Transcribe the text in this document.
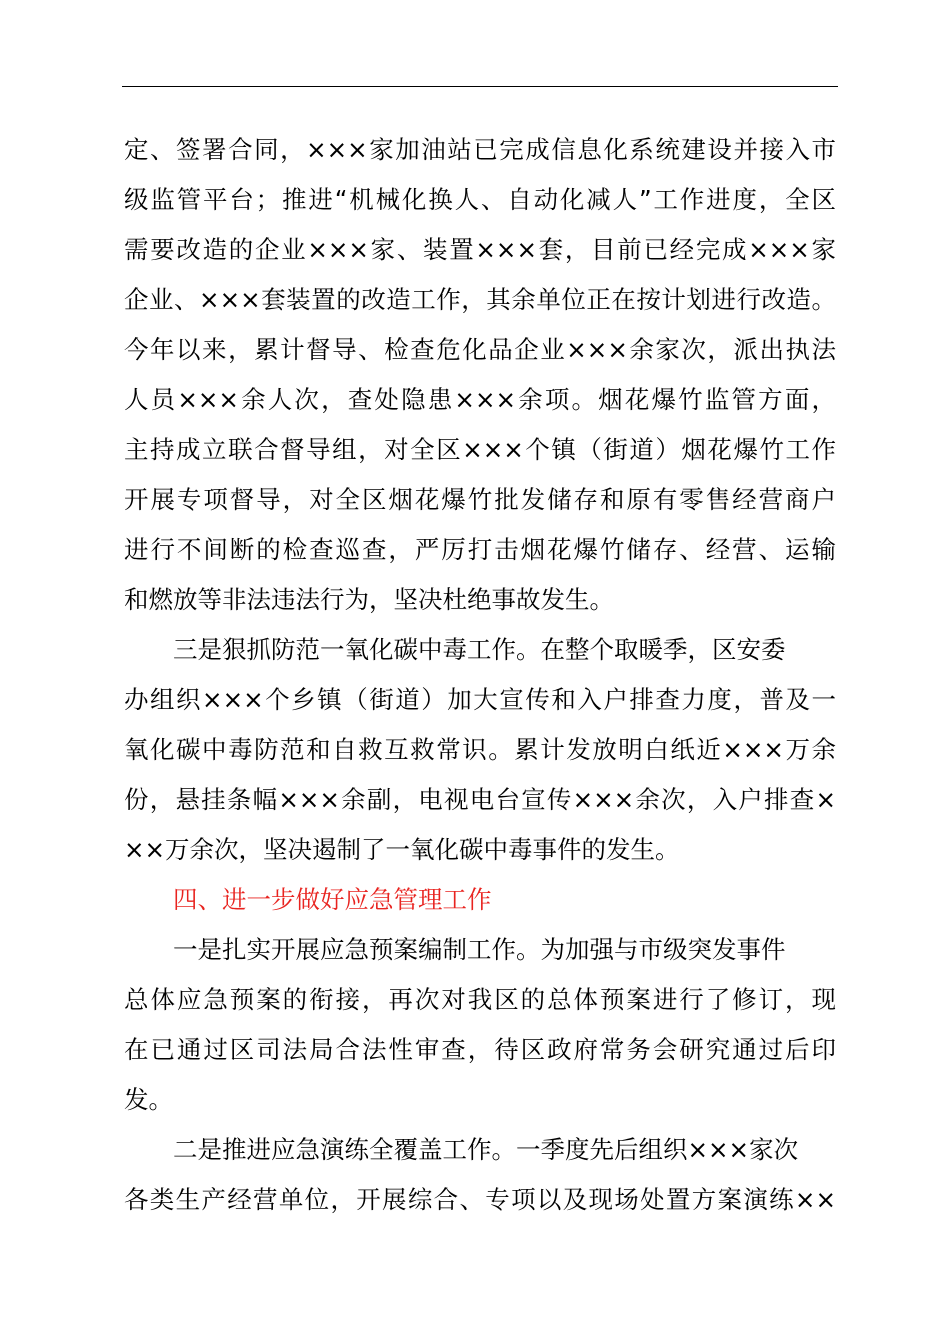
定、签署合同，×××家加油站已完成信息化系统建设并接入市
级监管平台；推进“机械化换人、自动化减人”工作进度，全区
需要改造的企业×××家、装置×××套，目前已经完成×××家
企业、×××套装置的改造工作，其余单位正在按计划进行改造。
今年以来，累计督导、检查危化品企业×××余家次，派出执法
人员×××余人次，查处隐患×××余项。烟花爆竹监管方面，
主持成立联合督导组，对全区×××个镇（街道）烟花爆竹工作
开展专项督导，对全区烟花爆竹批发储存和原有零售经营商户
进行不间断的检查巡查，严厉打击烟花爆竹储存、经营、运输
和燃放等非法违法行为，坚决杜绝事故发生。
三是狠抓防范一氧化碳中毒工作。在整个取暖季，区安委
办组织×××个乡镇（街道）加大宣传和入户排查力度，普及一
氧化碳中毒防范和自救互救常识。累计发放明白纸近×××万余
份，悬挂条幅×××余副，电视电台宣传×××余次，入户排查×
××万余次，坚决遏制了一氧化碳中毒事件的发生。
四、进一步做好应急管理工作
一是扎实开展应急预案编制工作。为加强与市级突发事件
总体应急预案的衔接，再次对我区的总体预案进行了修订，现
在已通过区司法局合法性审查，待区政府常务会研究通过后印
发。
二是推进应急演练全覆盖工作。一季度先后组织×××家次
各类生产经营单位，开展综合、专项以及现场处置方案演练××
